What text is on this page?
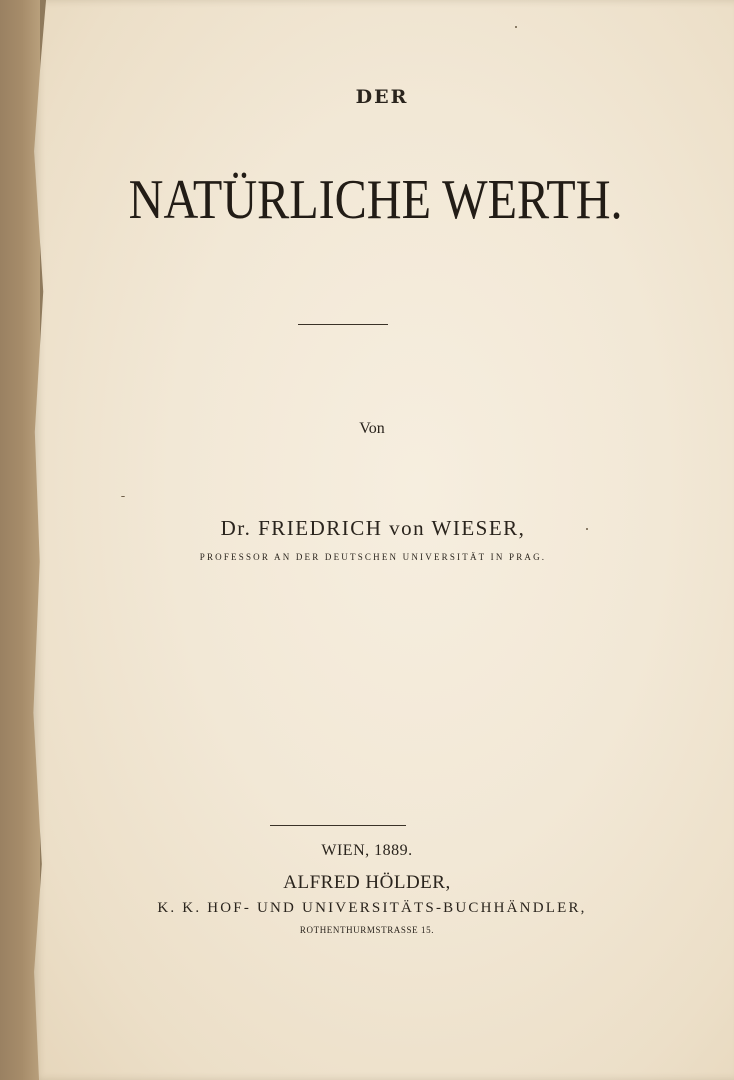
DER
NATÜRLICHE WERTH.
Von
Dr. FRIEDRICH von WIESER,
PROFESSOR AN DER DEUTSCHEN UNIVERSITÄT IN PRAG.
WIEN, 1889.
ALFRED HÖLDER,
K. K. HOF- UND UNIVERSITÄTS-BUCHHÄNDLER,
ROTHENTHURMSTRASSE 15.
